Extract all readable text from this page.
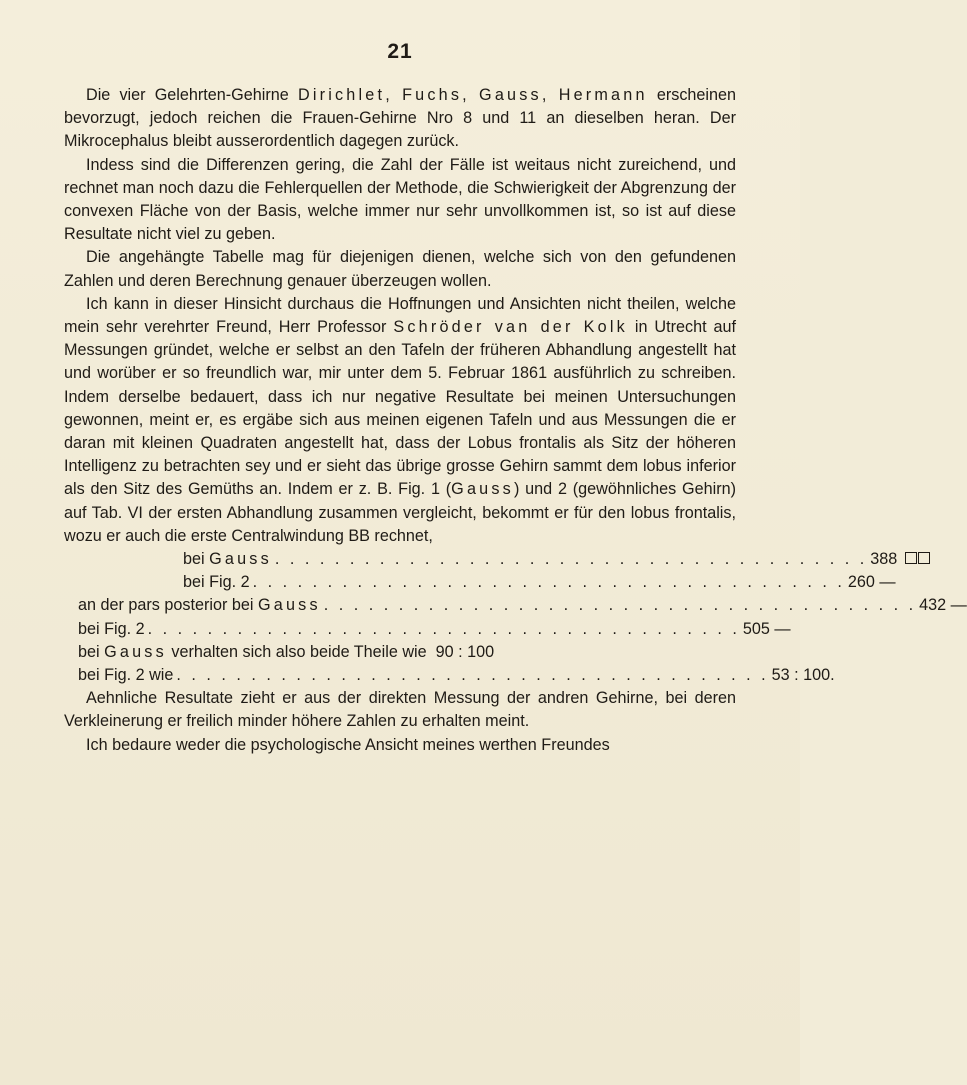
21

Die vier Gelehrten-Gehirne Dirichlet, Fuchs, Gauss, Hermann erscheinen bevorzugt, jedoch reichen die Frauen-Gehirne Nro 8 und 11 an dieselben heran. Der Mikrocephalus bleibt ausserordentlich dagegen zurück.

Indess sind die Differenzen gering, die Zahl der Fälle ist weitaus nicht zureichend, und rechnet man noch dazu die Fehlerquellen der Methode, die Schwierigkeit der Abgrenzung der convexen Fläche von der Basis, welche immer nur sehr unvollkommen ist, so ist auf diese Resultate nicht viel zu geben.

Die angehängte Tabelle mag für diejenigen dienen, welche sich von den gefundenen Zahlen und deren Berechnung genauer überzeugen wollen.

Ich kann in dieser Hinsicht durchaus die Hoffnungen und Ansichten nicht theilen, welche mein sehr verehrter Freund, Herr Professor Schröder van der Kolk in Utrecht auf Messungen gründet, welche er selbst an den Tafeln der früheren Abhandlung angestellt hat und worüber er so freundlich war, mir unter dem 5. Februar 1861 ausführlich zu schreiben. Indem derselbe bedauert, dass ich nur negative Resultate bei meinen Untersuchungen gewonnen, meint er, es ergäbe sich aus meinen eigenen Tafeln und aus Messungen die er daran mit kleinen Quadraten angestellt hat, dass der Lobus frontalis als Sitz der höheren Intelligenz zu betrachten sey und er sieht das übrige grosse Gehirn sammt dem lobus inferior als den Sitz des Gemüths an. Indem er z. B. Fig. 1 (Gauss) und 2 (gewöhnliches Gehirn) auf Tab. VI der ersten Abhandlung zusammen vergleicht, bekommt er für den lobus frontalis, wozu er auch die erste Centralwindung BB rechnet,

bei Gauss . . . . . . . . . . . . . . . . . . . . . . . . . . . . . . . . . . . . . . . . 388
bei Fig. 2 . . . . . . . . . . . . . . . . . . . . . . . . . . . . . . . . . . . . . . . . 260 —
an der pars posterior bei Gauss . . . . . . . . . . . . . . . . . . . . . . . . . . . . . . . . . . . . . . . . 432 —
bei Fig. 2 . . . . . . . . . . . . . . . . . . . . . . . . . . . . . . . . . . . . . . . . 505 —
bei Gauss verhalten sich also beide Theile wie  90 : 100
bei Fig. 2 wie . . . . . . . . . . . . . . . . . . . . . . . . . . . . . . . . . . . . . . . . 53 : 100.

Aehnliche Resultate zieht er aus der direkten Messung der andren Gehirne, bei deren Verkleinerung er freilich minder höhere Zahlen zu erhalten meint.

Ich bedaure weder die psychologische Ansicht meines werthen Freundes
